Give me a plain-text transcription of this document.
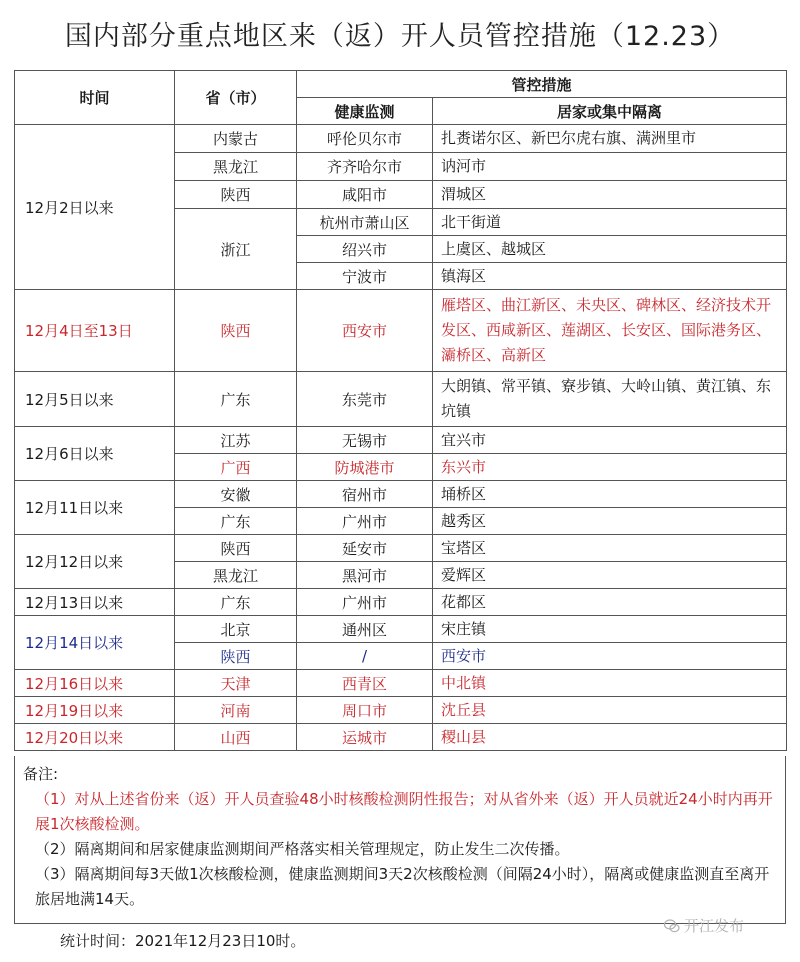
国内部分重点地区来（返）开人员管控措施（12.23）
时间	省（市）	管控措施	
		健康监测	居家或集中隔离
12月2日以来	内蒙古	呼伦贝尔市	扎赉诺尔区、新巴尔虎右旗、满洲里市
	黑龙江	齐齐哈尔市	讷河市
	陕西	咸阳市	渭城区
	浙江	杭州市萧山区	北干街道
		绍兴市	上虞区、越城区
		宁波市	镇海区
12月4日至13日	陕西	西安市	雁塔区、曲江新区、未央区、碑林区、经济技术开发区、西咸新区、莲湖区、长安区、国际港务区、灞桥区、高新区
12月5日以来	广东	东莞市	大朗镇、常平镇、寮步镇、大岭山镇、黄江镇、东坑镇
12月6日以来	江苏	无锡市	宜兴市
	广西	防城港市	东兴市
12月11日以来	安徽	宿州市	埇桥区
	广东	广州市	越秀区
12月12日以来	陕西	延安市	宝塔区
	黑龙江	黑河市	爱辉区
12月13日以来	广东	广州市	花都区
12月14日以来	北京	通州区	宋庄镇
	陕西	/	西安市
12月16日以来	天津	西青区	中北镇
12月19日以来	河南	周口市	沈丘县
12月20日以来	山西	运城市	稷山县

备注:

（1）对从上述省份来（返）开人员查验48小时核酸检测阴性报告；对从省外来（返）开人员就近24小时内再开展1次核酸检测。

（2）隔离期间和居家健康监测期间严格落实相关管理规定，防止发生二次传播。

（3）隔离期间每3天做1次核酸检测，健康监测期间3天2次核酸检测（间隔24小时），隔离或健康监测直至离开旅居地满14天。

统计时间：2021年12月23日10时。
开江发布
